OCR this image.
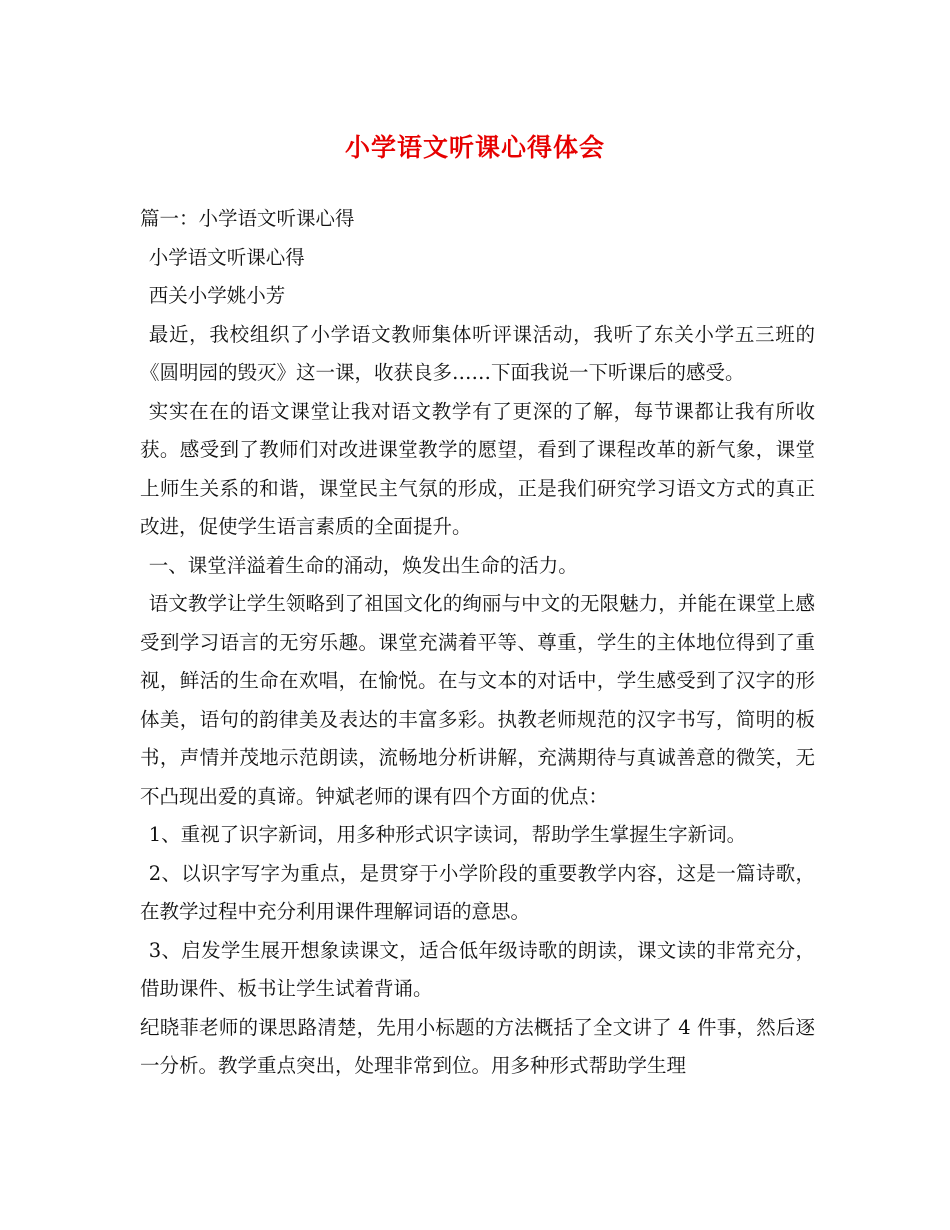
小学语文听课心得体会

篇一：小学语文听课心得

小学语文听课心得

西关小学姚小芳

最近，我校组织了小学语文教师集体听评课活动，我听了东关小学五三班的《圆明园的毁灭》这一课，收获良多……下面我说一下听课后的感受。

实实在在的语文课堂让我对语文教学有了更深的了解，每节课都让我有所收获。感受到了教师们对改进课堂教学的愿望，看到了课程改革的新气象，课堂上师生关系的和谐，课堂民主气氛的形成，正是我们研究学习语文方式的真正改进，促使学生语言素质的全面提升。

一、课堂洋溢着生命的涌动，焕发出生命的活力。

语文教学让学生领略到了祖国文化的绚丽与中文的无限魅力，并能在课堂上感受到学习语言的无穷乐趣。课堂充满着平等、尊重，学生的主体地位得到了重视，鲜活的生命在欢唱，在愉悦。在与文本的对话中，学生感受到了汉字的形体美，语句的韵律美及表达的丰富多彩。执教老师规范的汉字书写，简明的板书，声情并茂地示范朗读，流畅地分析讲解，充满期待与真诚善意的微笑，无不凸现出爱的真谛。钟斌老师的课有四个方面的优点：

1、重视了识字新词，用多种形式识字读词，帮助学生掌握生字新词。

2、以识字写字为重点，是贯穿于小学阶段的重要教学内容，这是一篇诗歌，在教学过程中充分利用课件理解词语的意思。

3、启发学生展开想象读课文，适合低年级诗歌的朗读，课文读的非常充分，借助课件、板书让学生试着背诵。

纪晓菲老师的课思路清楚，先用小标题的方法概括了全文讲了 4 件事，然后逐一分析。教学重点突出，处理非常到位。用多种形式帮助学生理
